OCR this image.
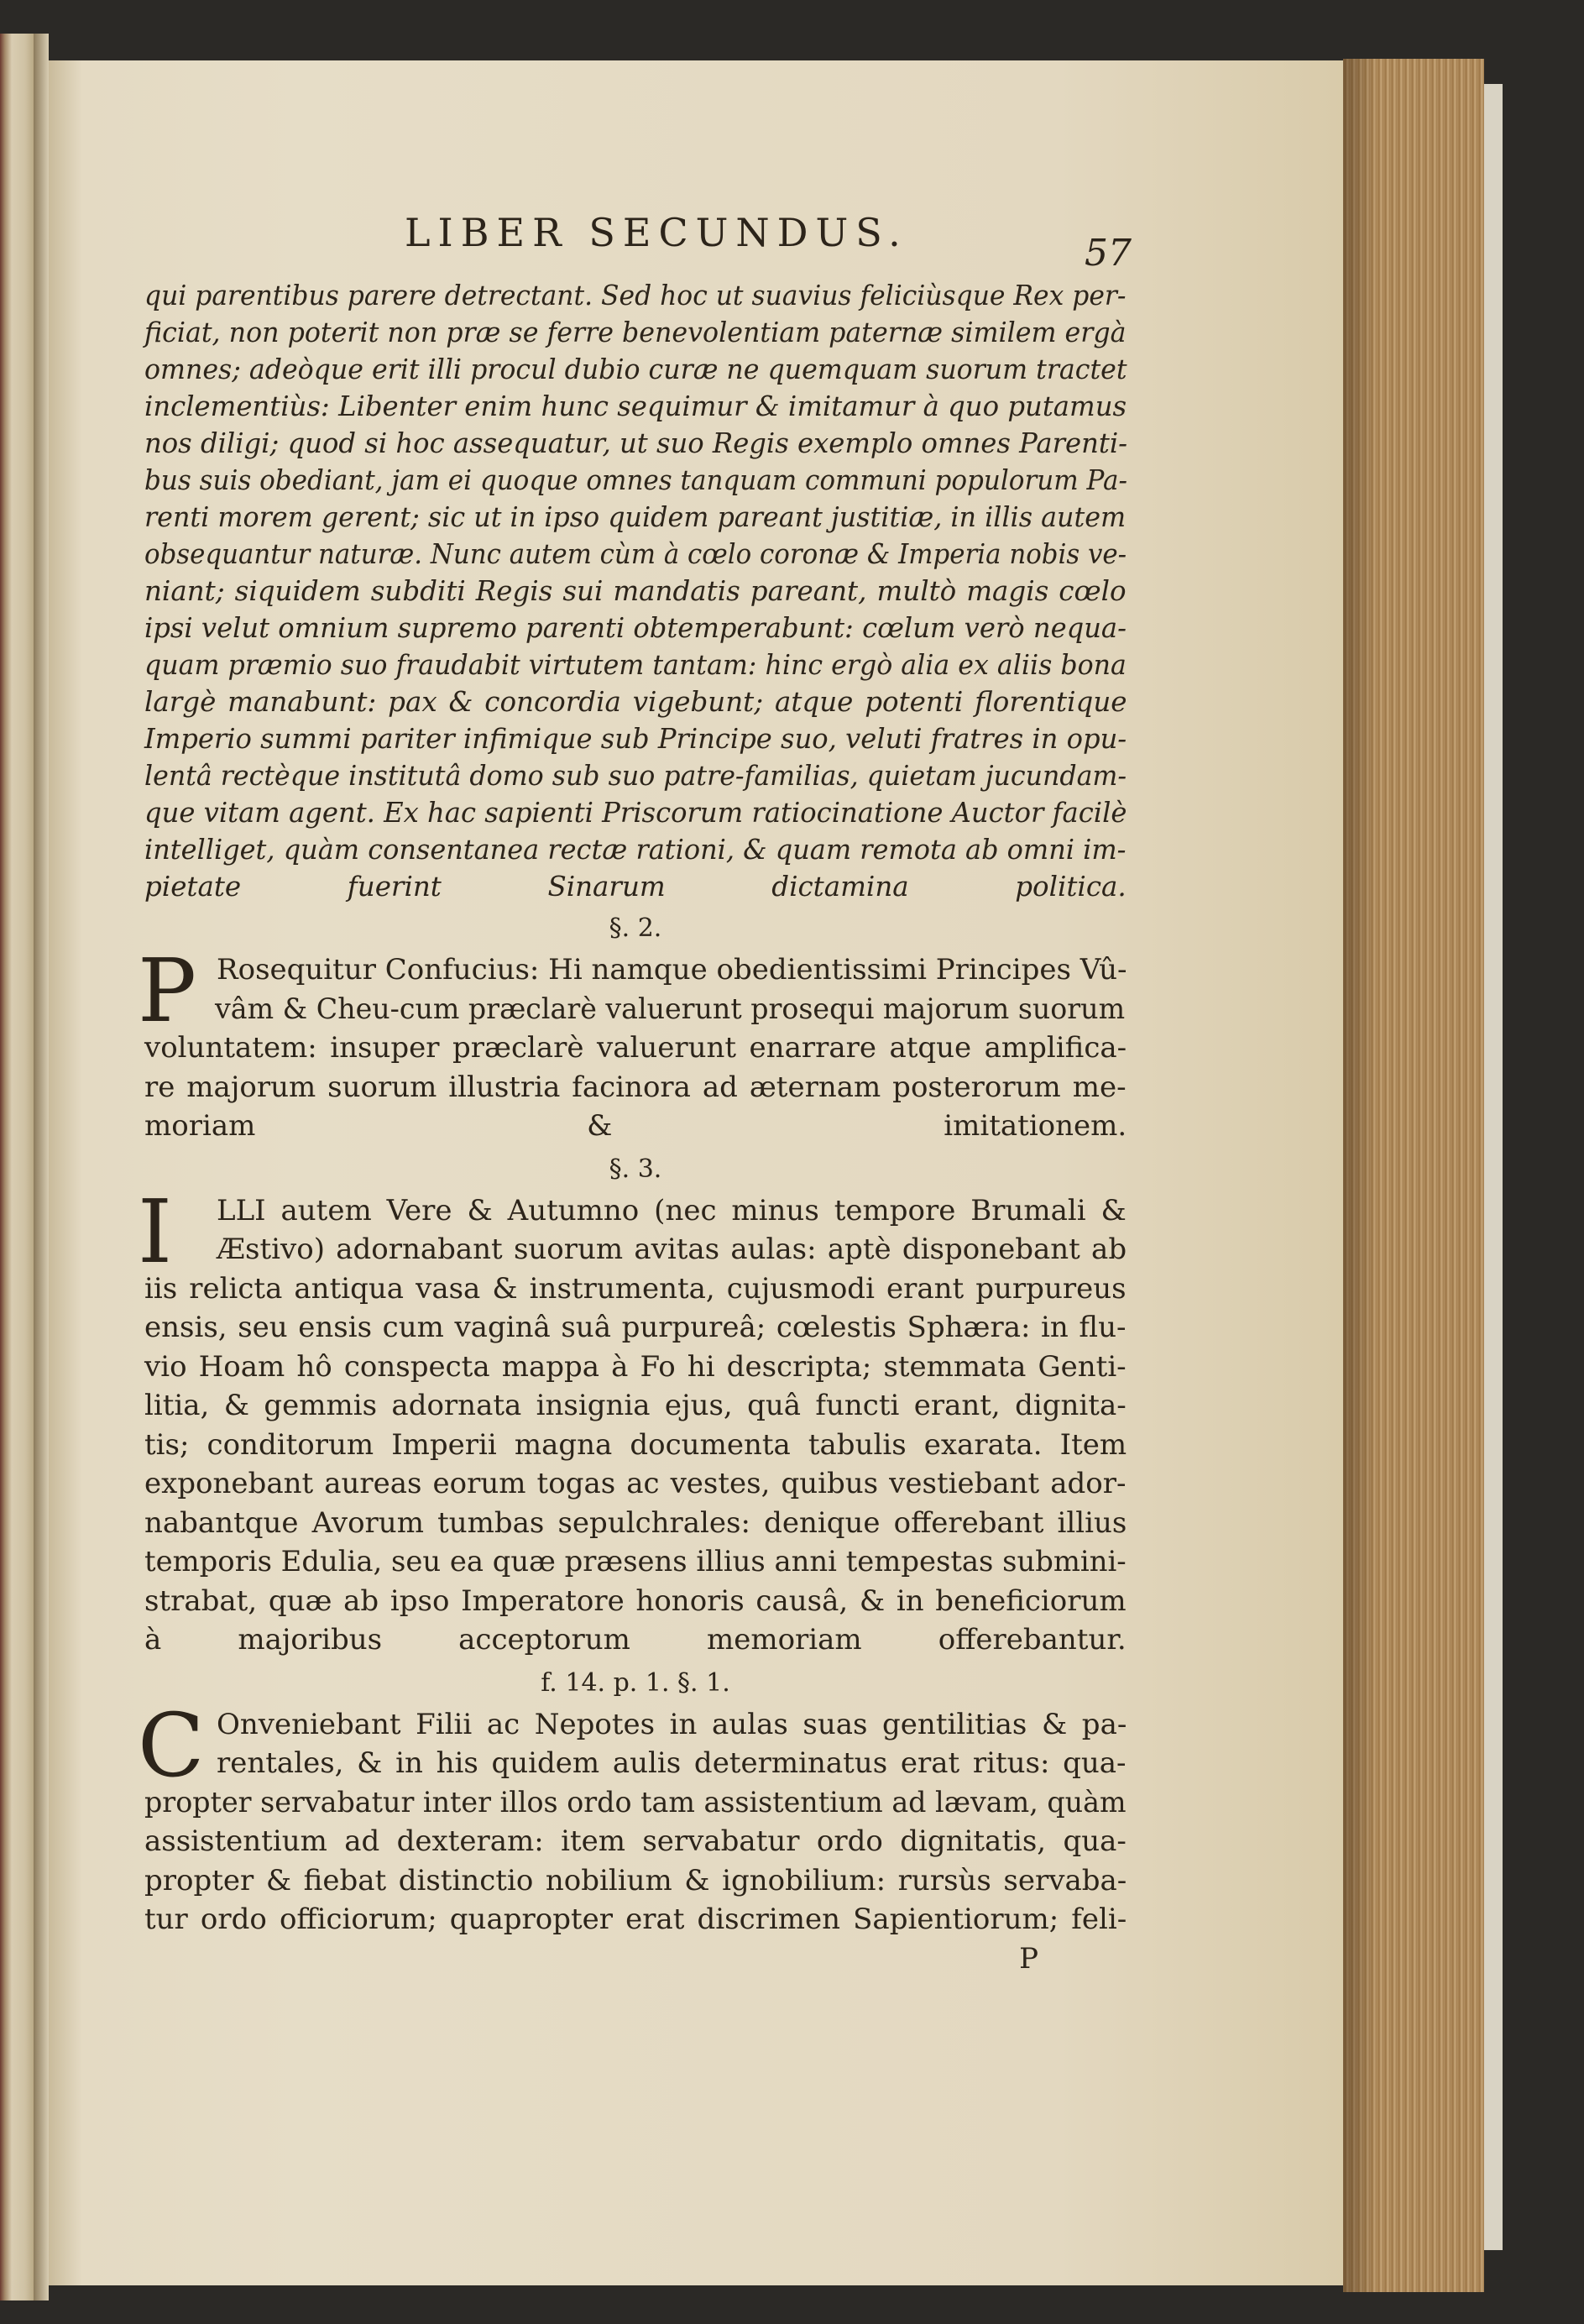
LIBER SECUNDUS.	57
qui parentibus parere detrectant. Sed hoc ut suavius feliciùsque Rex per-
ficiat, non poterit non præ se ferre benevolentiam paternæ similem ergà
omnes; adeòque erit illi procul dubio curæ ne quemquam suorum tractet
inclementiùs: Libenter enim hunc sequimur & imitamur à quo putamus
nos diligi; quod si hoc assequatur, ut suo Regis exemplo omnes Parenti-
bus suis obediant, jam ei quoque omnes tanquam communi populorum Pa-
renti morem gerent; sic ut in ipso quidem pareant justitiæ, in illis autem
obsequantur naturæ. Nunc autem cùm à cœlo coronæ & Imperia nobis ve-
niant; siquidem subditi Regis sui mandatis pareant, multò magis cœlo
ipsi velut omnium supremo parenti obtemperabunt: cœlum verò nequa-
quam præmio suo fraudabit virtutem tantam: hinc ergò alia ex aliis bona
largè manabunt: pax & concordia vigebunt; atque potenti florentique
Imperio summi pariter infimique sub Principe suo, veluti fratres in opu-
lentâ rectèque institutâ domo sub suo patre-familias, quietam jucundam-
que vitam agent. Ex hac sapienti Priscorum ratiocinatione Auctor facilè
intelliget, quàm consentanea rectæ rationi, & quam remota ab omni im-
pietate fuerint Sinarum dictamina politica.
§. 2.
P Rosequitur Confucius: Hi namque obedientissimi Principes Vû-
vâm & Cheu-cum præclarè valuerunt prosequi majorum suorum
voluntatem: insuper præclarè valuerunt enarrare atque amplifica-
re majorum suorum illustria facinora ad æternam posterorum me-
moriam & imitationem.
§. 3.
I	LLI autem Vere & Autumno (nec minus tempore Brumali &
Æstivo) adornabant suorum avitas aulas: aptè disponebant ab
iis relicta antiqua vasa & instrumenta, cujusmodi erant purpureus
ensis, seu ensis cum vaginâ suâ purpureâ; cœlestis Sphæra: in flu-
vio Hoam hô conspecta mappa à Fo hi descripta; stemmata Genti-
litia, & gemmis adornata insignia ejus, quâ functi erant, dignita-
tis; conditorum Imperii magna documenta tabulis exarata. Item
exponebant aureas eorum togas ac vestes, quibus vestiebant ador-
nabantque Avorum tumbas sepulchrales: denique offerebant illius
temporis Edulia, seu ea quæ præsens illius anni tempestas submini-
strabat, quæ ab ipso Imperatore honoris causâ, & in beneficiorum
à majoribus acceptorum memoriam offerebantur.
f. 14. p. 1. §. 1.
C Onveniebant Filii ac Nepotes in aulas suas gentilitias & pa-
rentales, & in his quidem aulis determinatus erat ritus: qua-
propter servabatur inter illos ordo tam assistentium ad lævam, quàm
assistentium ad dexteram: item servabatur ordo dignitatis, qua-
propter & fiebat distinctio nobilium & ignobilium: rursùs servaba-
tur ordo officiorum; quapropter erat discrimen Sapientiorum; feli-
P
